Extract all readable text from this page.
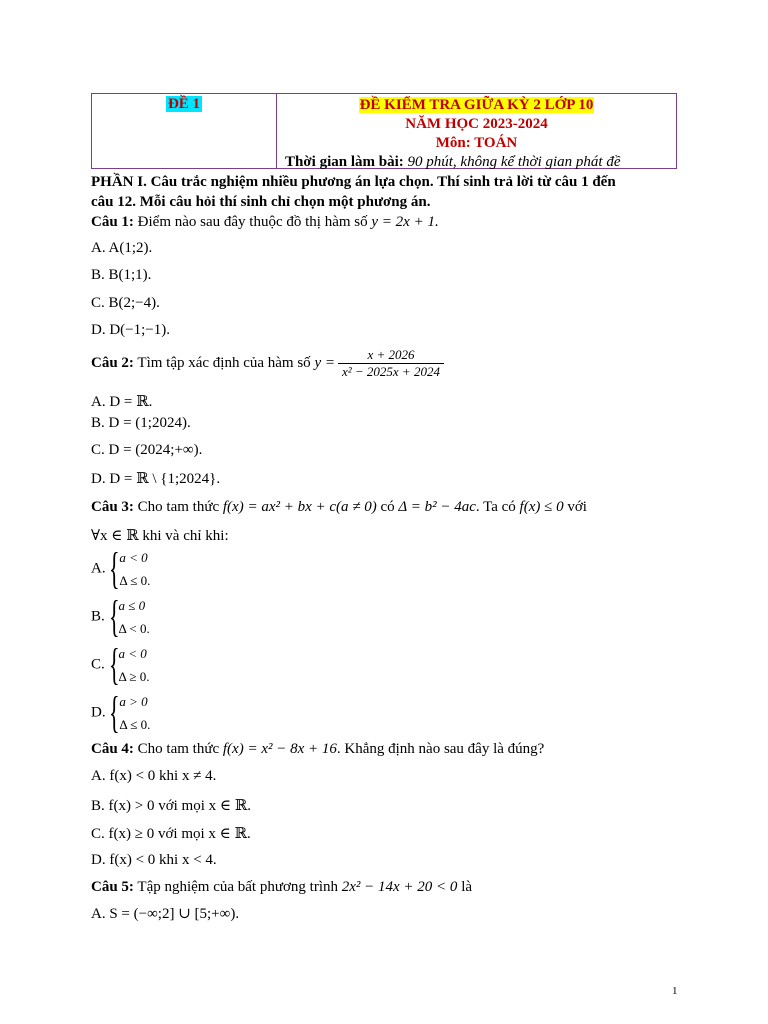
ĐỀ 1	ĐỀ KIỂM TRA GIỮA KỲ 2 LỚP 10
NĂM HỌC 2023-2024
Môn: TOÁN
Thời gian làm bài: 90 phút, không kể thời gian phát đề
PHẦN I. Câu trắc nghiệm nhiều phương án lựa chọn. Thí sinh trả lời từ câu 1 đến
câu 12. Mỗi câu hỏi thí sinh chỉ chọn một phương án.
Câu 1: Điểm nào sau đây thuộc đồ thị hàm số y = 2x + 1.
A. A(1;2).
B. B(1;1).
C. B(2;−4).
D. D(−1;−1).
Câu 2: Tìm tập xác định của hàm số $y = \frac{x + 2026}{\text{x² − 2025x + 2024}}$
A. D = ℝ.
B. D = (1;2024).
C. D = (2024;+∞).
D. D = ℝ \ {1;2024}.
Câu 3: Cho tam thức f(x) = ax² + bx + c(a ≠ 0) có Δ = b² − 4ac. Ta có f(x) ≤ 0 với
∀x ∈ ℝ khi và chỉ khi:
A. { a < 0
Δ ≤ 0.
B. { a ≤ 0
Δ < 0.
C. { a < 0
Δ ≥ 0.
D. { a > 0
Δ ≤ 0.
Câu 4: Cho tam thức f(x) = x² − 8x + 16. Khẳng định nào sau đây là đúng?
A. f(x) < 0 khi x ≠ 4.
B. f(x) > 0 với mọi x ∈ ℝ.
C. f(x) ≥ 0 với mọi x ∈ ℝ.
D. f(x) < 0 khi x < 4.
Câu 5: Tập nghiệm của bất phương trình 2x² − 14x + 20 < 0 là
A. S = (−∞;2] ∪ [5;+∞).
1
